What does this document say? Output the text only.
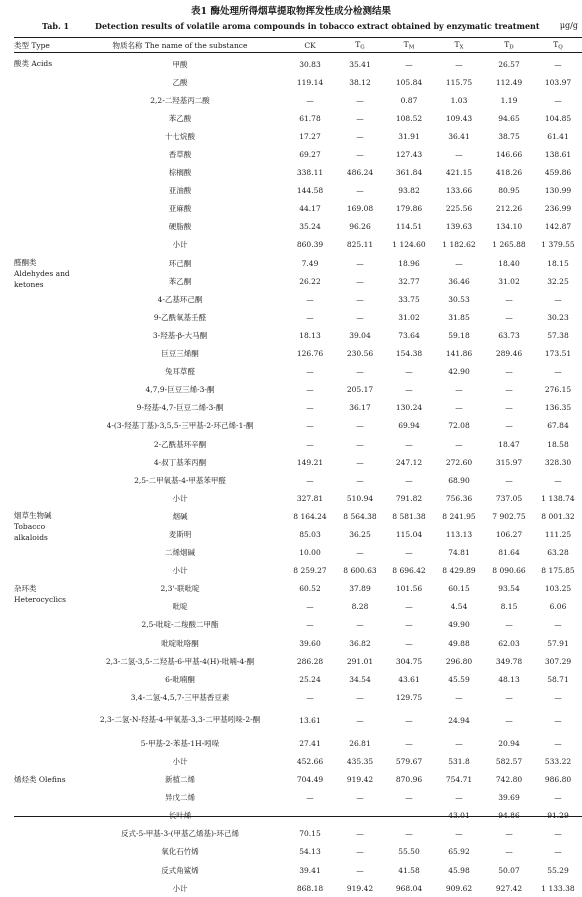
表1 酶处理所得烟草提取物挥发性成分检测结果
Tab. 1	Detection results of volatile aroma compounds in tobacco extract obtained by enzymatic treatment	μg/g
类型 Type	物质名称 The name of the substance	CK	$T_G$	$T_M$	$T_X$	$T_D$	$T_Q$
酸类 Acids	甲酸	30.83	35.41	—	—	26.57	—
	乙酸	119.14	38.12	105.84	115.75	112.49	103.97
	2,2-二羟基丙二酸	—	—	0.87	1.03	1.19	—
	苯乙酸	61.78	—	108.52	109.43	94.65	104.85
	十七烷酸	17.27	—	31.91	36.41	38.75	61.41
	香草酸	69.27	—	127.43	—	146.66	138.61
	棕榈酸	338.11	486.24	361.84	421.15	418.26	459.86
	亚油酸	144.58	—	93.82	133.66	80.95	130.99
	亚麻酸	44.17	169.08	179.86	225.56	212.26	236.99
	硬脂酸	35.24	96.26	114.51	139.63	134.10	142.87
	小计	860.39	825.11	1 124.60	1 182.62	1 265.88	1 379.55
醛酮类 Aldehydes and ketones	环己酮	7.49	—	18.96	—	18.40	18.15
	苯乙酮	26.22	—	32.77	36.46	31.02	32.25
	4-乙基环己酮	—	—	33.75	30.53	—	—
	9-乙酰氧基壬醛	—	—	31.02	31.85	—	30.23
	3-羟基-β-大马酮	18.13	39.04	73.64	59.18	63.73	57.38
	巨豆三烯酮	126.76	230.56	154.38	141.86	289.46	173.51
	兔耳草醛	—	—	—	42.90	—	—
	4,7,9-巨豆三烯-3-酮	—	205.17	—	—	—	276.15
	9-羟基-4,7-巨豆二烯-3-酮	—	36.17	130.24	—	—	136.35
	4-(3-羟基丁基)-3,5,5-三甲基-2-环己烯-1-酮	—	—	69.94	72.08	—	67.84
	2-乙酰基环辛酮	—	—	—	—	18.47	18.58
	4-叔丁基苯丙酮	149.21	—	247.12	272.60	315.97	328.30
	2,5-二甲氧基-4-甲基苯甲醛	—	—	—	68.90	—	—
	小计	327.81	510.94	791.82	756.36	737.05	1 138.74
烟草生物碱 Tobacco alkaloids	烟碱	8 164.24	8 564.38	8 581.38	8 241.95	7 902.75	8 001.32
	麦斯明	85.03	36.25	115.04	113.13	106.27	111.25
	二烯烟碱	10.00	—	—	74.81	81.64	63.28
	小计	8 259.27	8 600.63	8 696.42	8 429.89	8 090.66	8 175.85
杂环类 Heterocyclics	2,3'-联吡啶	60.52	37.89	101.56	60.15	93.54	103.25
	吡啶	—	8.28	—	4.54	8.15	6.06
	2,5-吡啶-二羧酸二甲酯	—	—	—	49.90	—	—
	吡啶吡咯酮	39.60	36.82	—	49.88	62.03	57.91
	2,3-二氢-3,5-二羟基-6-甲基-4(H)-吡喃-4-酮	286.28	291.01	304.75	296.80	349.78	307.29
	6-吡喃酮	25.24	34.54	43.61	45.59	48.13	58.71
	3,4-二氢-4,5,7-三甲基香豆素	—	—	129.75	—	—	—
	2,3-二氢-N-羟基-4-甲氧基-3,3-二甲基吲哚-2-酮	13.61	—	—	24.94	—	—
	5-甲基-2-苯基-1H-吲哚	27.41	26.81	—	—	20.94	—
	小计	452.66	435.35	579.67	531.8	582.57	533.22
烯烃类 Olefins	新植二烯	704.49	919.42	870.96	754.71	742.80	986.80
	异戊二烯	—	—	—	—	39.69	—
	长叶烯	—	—	—	43.01	94.86	91.29
	反式-5-甲基-3-(甲基乙烯基)-环己烯	70.15	—	—	—	—	—
	氧化石竹烯	54.13	—	55.50	65.92	—	—
	反式角鲨烯	39.41	—	41.58	45.98	50.07	55.29
	小计	868.18	919.42	968.04	909.62	927.42	1 133.38
